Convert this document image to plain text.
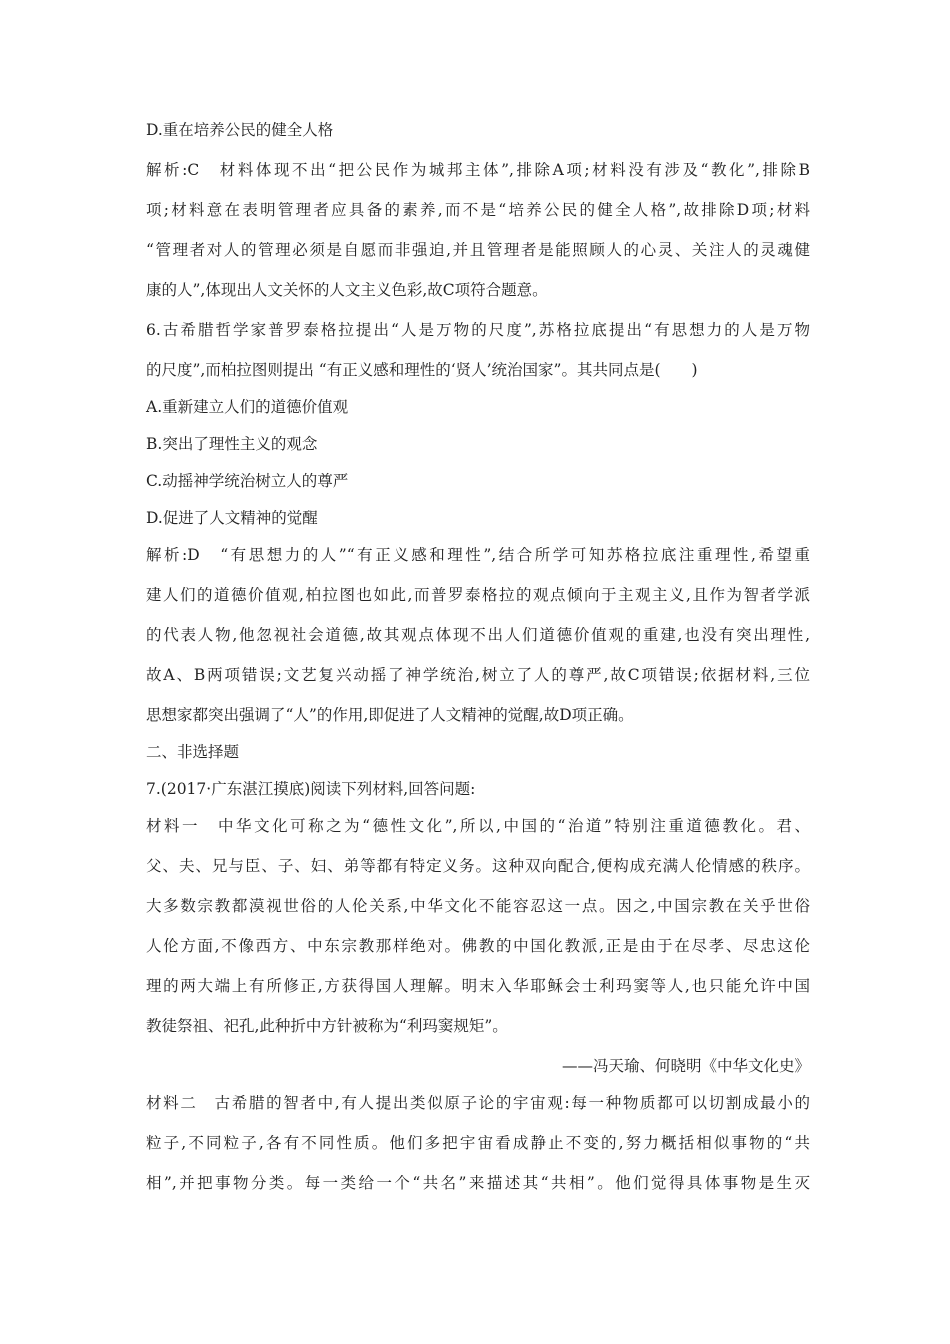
D.重在培养公民的健全人格

解析:C　材料体现不出“把公民作为城邦主体”,排除A项;材料没有涉及“教化”,排除B

项;材料意在表明管理者应具备的素养,而不是“培养公民的健全人格”,故排除D项;材料

“管理者对人的管理必须是自愿而非强迫,并且管理者是能照顾人的心灵、关注人的灵魂健

康的人”,体现出人文关怀的人文主义色彩,故C项符合题意。

6.古希腊哲学家普罗泰格拉提出“人是万物的尺度”,苏格拉底提出“有思想力的人是万物

的尺度”,而柏拉图则提出 “有正义感和理性的‘贤人’统治国家”。其共同点是(　　)

A.重新建立人们的道德价值观

B.突出了理性主义的观念

C.动摇神学统治树立人的尊严

D.促进了人文精神的觉醒

解析:D　“有思想力的人”“有正义感和理性”,结合所学可知苏格拉底注重理性,希望重

建人们的道德价值观,柏拉图也如此,而普罗泰格拉的观点倾向于主观主义,且作为智者学派

的代表人物,他忽视社会道德,故其观点体现不出人们道德价值观的重建,也没有突出理性,

故A、B两项错误;文艺复兴动摇了神学统治,树立了人的尊严,故C项错误;依据材料,三位

思想家都突出强调了“人”的作用,即促进了人文精神的觉醒,故D项正确。

二、非选择题

7.(2017·广东湛江摸底)阅读下列材料,回答问题:

材料一　中华文化可称之为“德性文化”,所以,中国的“治道”特别注重道德教化。君、

父、夫、兄与臣、子、妇、弟等都有特定义务。这种双向配合,便构成充满人伦情感的秩序。

大多数宗教都漠视世俗的人伦关系,中华文化不能容忍这一点。因之,中国宗教在关乎世俗

人伦方面,不像西方、中东宗教那样绝对。佛教的中国化教派,正是由于在尽孝、尽忠这伦

理的两大端上有所修正,方获得国人理解。明末入华耶稣会士利玛窦等人,也只能允许中国

教徒祭祖、祀孔,此种折中方针被称为“利玛窦规矩”。

——冯天瑜、何晓明《中华文化史》

材料二　古希腊的智者中,有人提出类似原子论的宇宙观:每一种物质都可以切割成最小的

粒子,不同粒子,各有不同性质。他们多把宇宙看成静止不变的,努力概括相似事物的“共

相”,并把事物分类。每一类给一个“共名”来描述其“共相”。他们觉得具体事物是生灭
